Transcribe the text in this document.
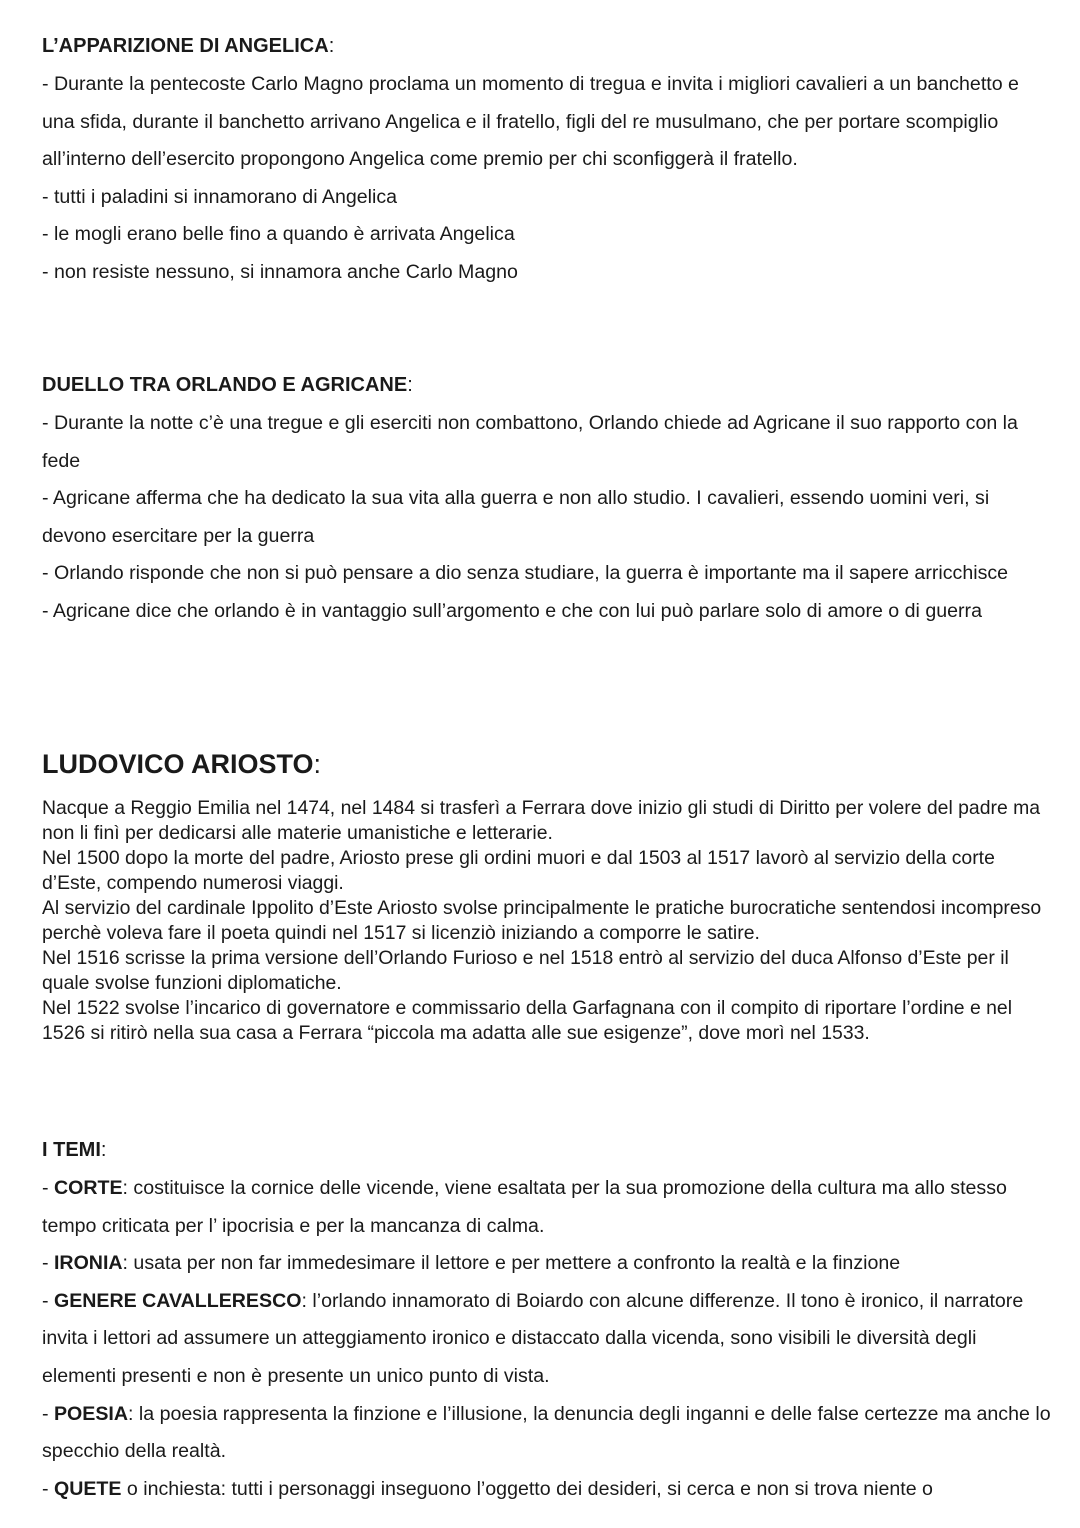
L’APPARIZIONE DI ANGELICA:
- Durante la pentecoste Carlo Magno proclama un momento di tregua e invita i migliori cavalieri a un banchetto e una sfida, durante il banchetto arrivano Angelica e il fratello, figli del re musulmano, che per portare scompiglio all’interno dell’esercito propongono Angelica come premio per chi sconfiggerà il fratello.
- tutti i paladini si innamorano di Angelica
- le mogli erano belle fino a quando è arrivata Angelica
- non resiste nessuno, si innamora anche Carlo Magno
DUELLO TRA ORLANDO E AGRICANE:
- Durante la notte c’è una tregue e gli eserciti non combattono, Orlando chiede ad Agricane il suo rapporto con la fede
- Agricane afferma che ha dedicato la sua vita alla guerra e non allo studio. I cavalieri, essendo uomini veri, si devono esercitare per la guerra
- Orlando risponde che non si può pensare a dio senza studiare, la guerra è importante ma il sapere arricchisce
- Agricane dice che orlando è in vantaggio sull’argomento e che con lui può parlare solo di amore o di guerra
LUDOVICO ARIOSTO:

Nacque a Reggio Emilia nel 1474, nel 1484 si trasferì a Ferrara dove inizio gli studi di Diritto per volere del padre ma non li finì per dedicarsi alle materie umanistiche e letterarie.

Nel 1500 dopo la morte del padre, Ariosto prese gli ordini muori e dal 1503 al 1517 lavorò al servizio della corte d’Este, compendo numerosi viaggi.

Al servizio del cardinale Ippolito d’Este Ariosto svolse principalmente le pratiche burocratiche sentendosi incompreso perchè voleva fare il poeta quindi nel 1517 si licenziò iniziando a comporre le satire.

Nel 1516 scrisse la prima versione dell’Orlando Furioso e nel 1518 entrò al servizio del duca Alfonso d’Este per il quale svolse funzioni diplomatiche.

Nel 1522 svolse l’incarico di governatore e commissario della Garfagnana con il compito di riportare l’ordine e nel 1526 si ritirò nella sua casa a Ferrara “piccola ma adatta alle sue esigenze”, dove morì nel 1533.

I TEMI:
- CORTE: costituisce la cornice delle vicende, viene esaltata per la sua promozione della cultura ma allo stesso tempo criticata per l’ ipocrisia e per la mancanza di calma.
- IRONIA: usata per non far immedesimare il lettore e per mettere a confronto la realtà e la finzione
- GENERE CAVALLERESCO: l’orlando innamorato di Boiardo con alcune differenze. Il tono è ironico, il narratore invita i lettori ad assumere un atteggiamento ironico e distaccato dalla vicenda, sono visibili le diversità degli elementi presenti e non è presente un unico punto di vista.
- POESIA: la poesia rappresenta la finzione e l’illusione, la denuncia degli inganni e delle false certezze ma anche lo specchio della realtà.
- QUETE o inchiesta: tutti i personaggi inseguono l’oggetto dei desideri, si cerca e non si trova niente o
